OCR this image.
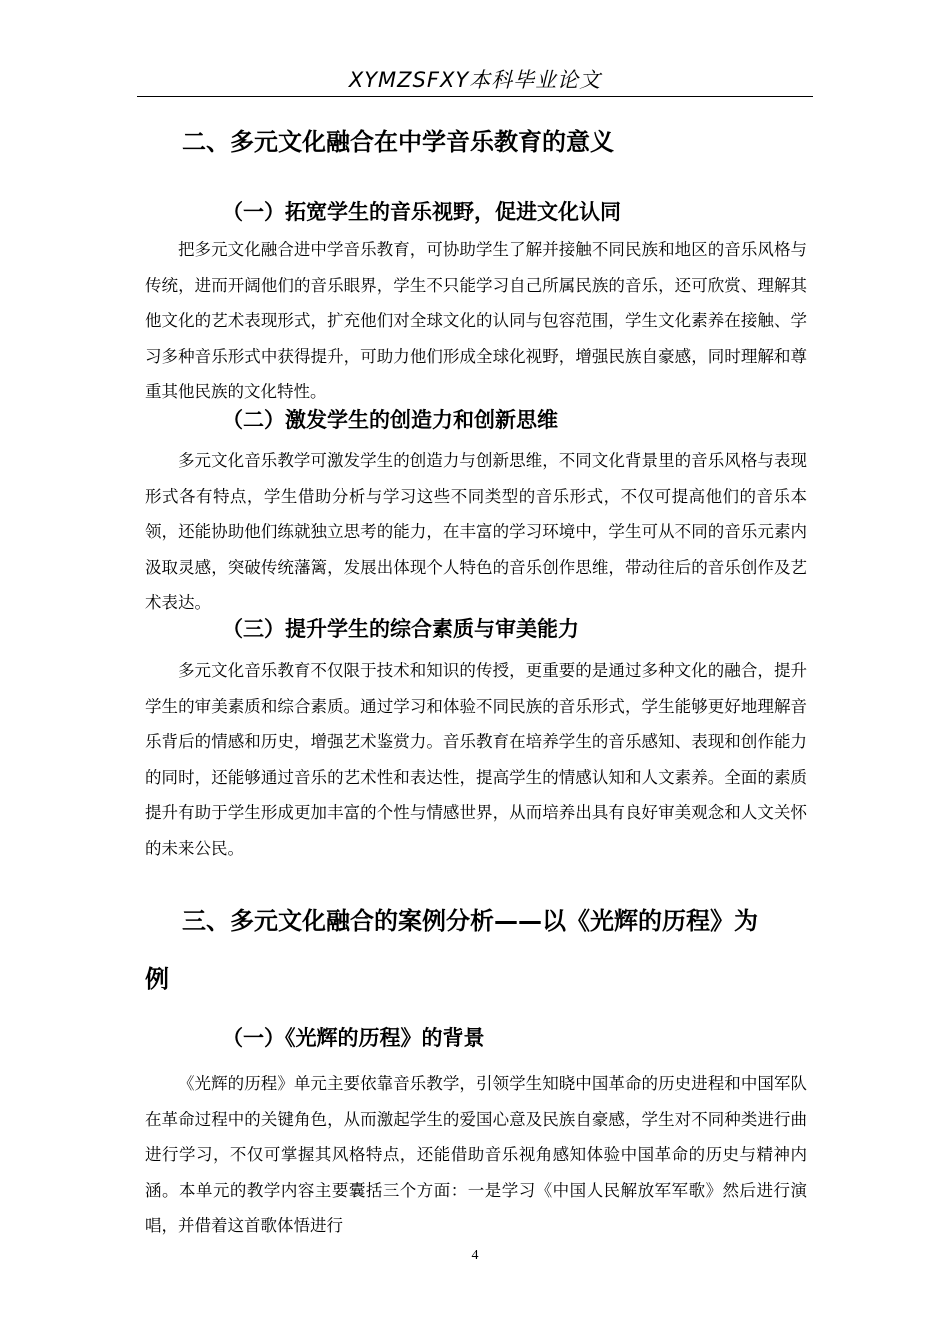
XYMZSFXY本科毕业论文
二、多元文化融合在中学音乐教育的意义
（一）拓宽学生的音乐视野，促进文化认同

把多元文化融合进中学音乐教育，可协助学生了解并接触不同民族和地区的音乐风格与传统，进而开阔他们的音乐眼界，学生不只能学习自己所属民族的音乐，还可欣赏、理解其他文化的艺术表现形式，扩充他们对全球文化的认同与包容范围，学生文化素养在接触、学习多种音乐形式中获得提升，可助力他们形成全球化视野，增强民族自豪感，同时理解和尊重其他民族的文化特性。

（二）激发学生的创造力和创新思维

多元文化音乐教学可激发学生的创造力与创新思维，不同文化背景里的音乐风格与表现形式各有特点，学生借助分析与学习这些不同类型的音乐形式，不仅可提高他们的音乐本领，还能协助他们练就独立思考的能力，在丰富的学习环境中，学生可从不同的音乐元素内汲取灵感，突破传统藩篱，发展出体现个人特色的音乐创作思维，带动往后的音乐创作及艺术表达。

（三）提升学生的综合素质与审美能力

多元文化音乐教育不仅限于技术和知识的传授，更重要的是通过多种文化的融合，提升学生的审美素质和综合素质。通过学习和体验不同民族的音乐形式，学生能够更好地理解音乐背后的情感和历史，增强艺术鉴赏力。音乐教育在培养学生的音乐感知、表现和创作能力的同时，还能够通过音乐的艺术性和表达性，提高学生的情感认知和人文素养。全面的素质提升有助于学生形成更加丰富的个性与情感世界，从而培养出具有良好审美观念和人文关怀的未来公民。

三、多元文化融合的案例分析——以《光辉的历程》为
例
（一）《光辉的历程》的背景

《光辉的历程》单元主要依靠音乐教学，引领学生知晓中国革命的历史进程和中国军队在革命过程中的关键角色，从而激起学生的爱国心意及民族自豪感，学生对不同种类进行曲进行学习，不仅可掌握其风格特点，还能借助音乐视角感知体验中国革命的历史与精神内涵。本单元的教学内容主要囊括三个方面：一是学习《中国人民解放军军歌》然后进行演唱，并借着这首歌体悟进行

4
